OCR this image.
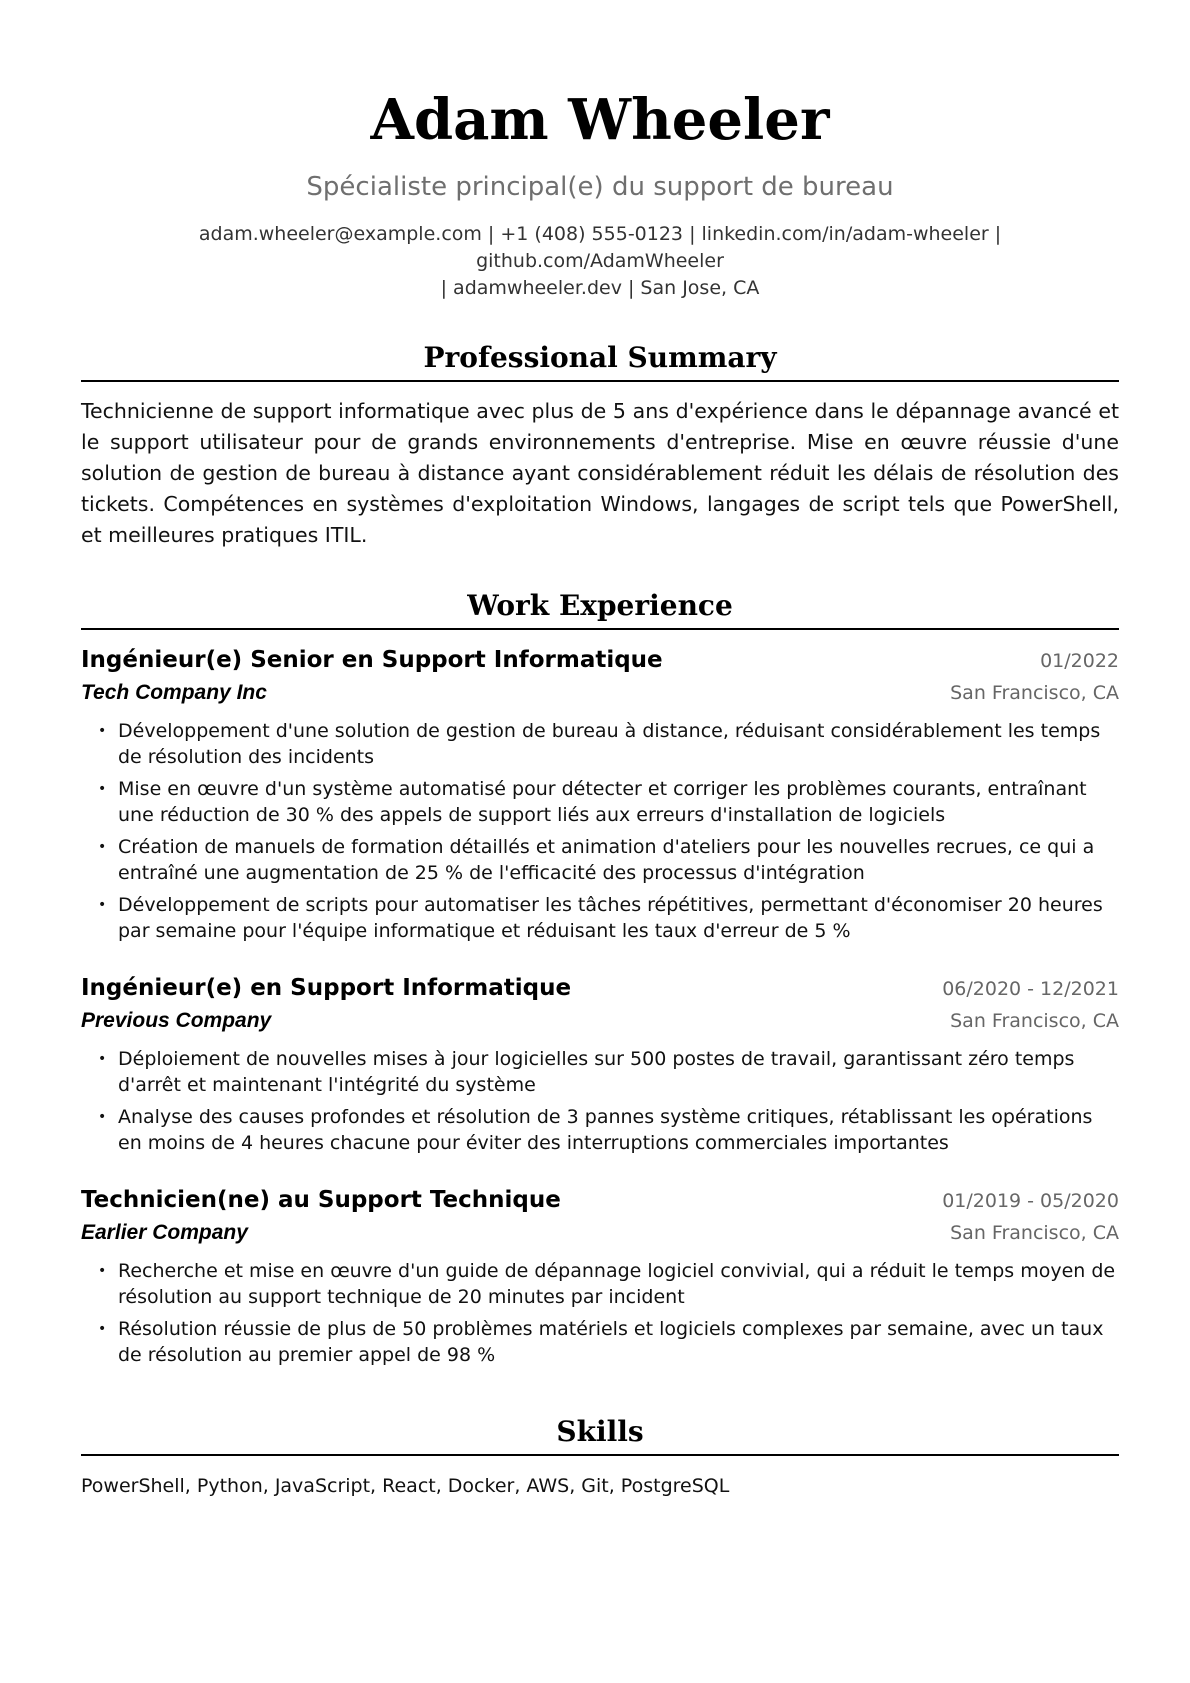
Adam Wheeler
Spécialiste principal(e) du support de bureau
adam.wheeler@example.com | +1 (408) 555-0123 | linkedin.com/in/adam-wheeler | github.com/AdamWheeler
| adamwheeler.dev | San Jose, CA
Professional Summary
Technicienne de support informatique avec plus de 5 ans d'expérience dans le dépannage avancé et le support utilisateur pour de grands environnements d'entreprise. Mise en œuvre réussie d'une solution de gestion de bureau à distance ayant considérablement réduit les délais de résolution des tickets. Compétences en systèmes d'exploitation Windows, langages de script tels que PowerShell, et meilleures pratiques ITIL.
Work Experience
Ingénieur(e) Senior en Support Informatique	01/2022
Tech Company Inc	San Francisco, CA
• Développement d'une solution de gestion de bureau à distance, réduisant considérablement les temps de résolution des incidents
• Mise en œuvre d'un système automatisé pour détecter et corriger les problèmes courants, entraînant une réduction de 30 % des appels de support liés aux erreurs d'installation de logiciels
• Création de manuels de formation détaillés et animation d'ateliers pour les nouvelles recrues, ce qui a entraîné une augmentation de 25 % de l'efficacité des processus d'intégration
• Développement de scripts pour automatiser les tâches répétitives, permettant d'économiser 20 heures par semaine pour l'équipe informatique et réduisant les taux d'erreur de 5 %
Ingénieur(e) en Support Informatique	06/2020 - 12/2021
Previous Company	San Francisco, CA
• Déploiement de nouvelles mises à jour logicielles sur 500 postes de travail, garantissant zéro temps d'arrêt et maintenant l'intégrité du système
• Analyse des causes profondes et résolution de 3 pannes système critiques, rétablissant les opérations en moins de 4 heures chacune pour éviter des interruptions commerciales importantes
Technicien(ne) au Support Technique	01/2019 - 05/2020
Earlier Company	San Francisco, CA
• Recherche et mise en œuvre d'un guide de dépannage logiciel convivial, qui a réduit le temps moyen de résolution au support technique de 20 minutes par incident
• Résolution réussie de plus de 50 problèmes matériels et logiciels complexes par semaine, avec un taux de résolution au premier appel de 98 %
Skills
PowerShell, Python, JavaScript, React, Docker, AWS, Git, PostgreSQL
